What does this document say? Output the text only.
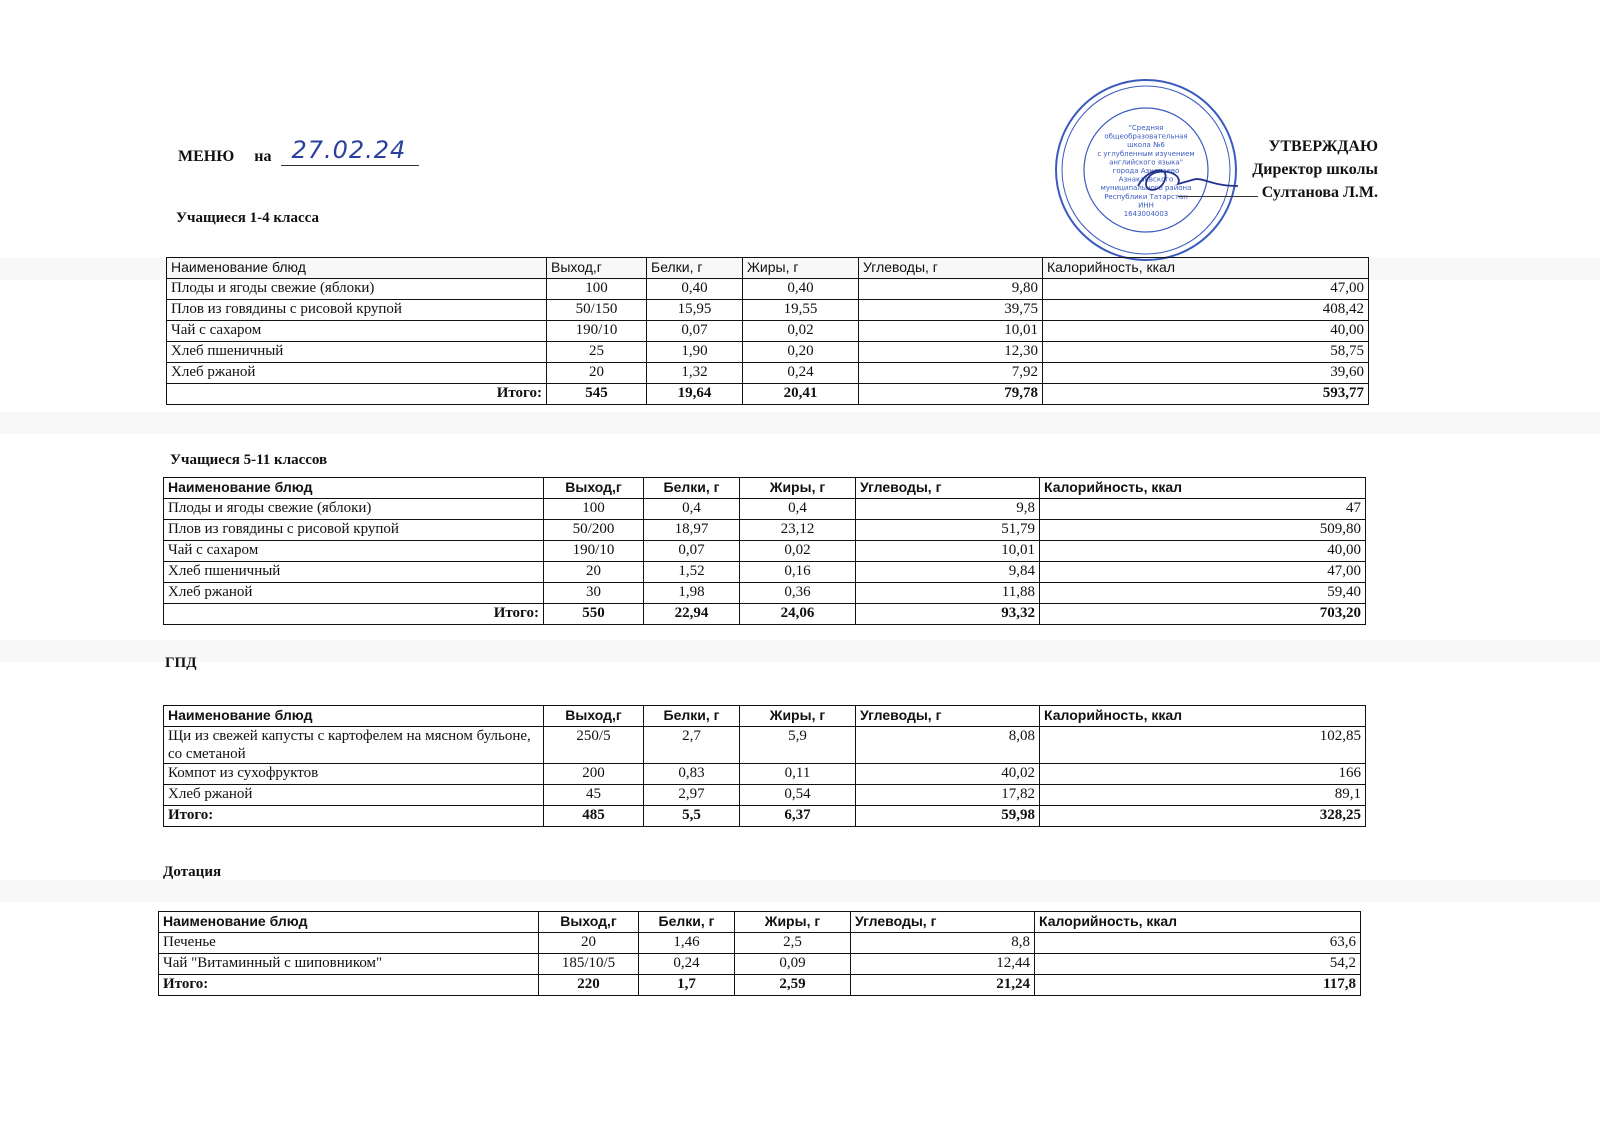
МЕНЮ на 27.02.24
"Средняя
общеобразовательная
школа №6
с углубленным изучением
английского языка"
города Азнакаево
Азнакаевского
муниципального района
Республики Татарстан
ИНН
1643004003
УТВЕРЖДАЮ
Директор школы
Султанова Л.М.
Учащиеся 1-4 класса
Наименование блюд	Выход,г	Белки, г	Жиры, г	Углеводы, г	Калорийность, ккал
Плоды и ягоды свежие (яблоки)	100	0,40	0,40	9,80	47,00
Плов из говядины с рисовой крупой	50/150	15,95	19,55	39,75	408,42
Чай с сахаром	190/10	0,07	0,02	10,01	40,00
Хлеб пшеничный	25	1,90	0,20	12,30	58,75
Хлеб ржаной	20	1,32	0,24	7,92	39,60
Итого:	545	19,64	20,41	79,78	593,77
Учащиеся 5-11 классов
Наименование блюд	Выход,г	Белки, г	Жиры, г	Углеводы, г	Калорийность, ккал
Плоды и ягоды свежие (яблоки)	100	0,4	0,4	9,8	47
Плов из говядины с рисовой крупой	50/200	18,97	23,12	51,79	509,80
Чай с сахаром	190/10	0,07	0,02	10,01	40,00
Хлеб пшеничный	20	1,52	0,16	9,84	47,00
Хлеб ржаной	30	1,98	0,36	11,88	59,40
Итого:	550	22,94	24,06	93,32	703,20
ГПД
Наименование блюд	Выход,г	Белки, г	Жиры, г	Углеводы, г	Калорийность, ккал
Щи из свежей капусты с картофелем на мясном бульоне, со сметаной	250/5	2,7	5,9	8,08	102,85
Компот из сухофруктов	200	0,83	0,11	40,02	166
Хлеб ржаной	45	2,97	0,54	17,82	89,1
Итого:	485	5,5	6,37	59,98	328,25
Дотация
Наименование блюд	Выход,г	Белки, г	Жиры, г	Углеводы, г	Калорийность, ккал
Печенье	20	1,46	2,5	8,8	63,6
Чай "Витаминный с шиповником"	185/10/5	0,24	0,09	12,44	54,2
Итого:	220	1,7	2,59	21,24	117,8
